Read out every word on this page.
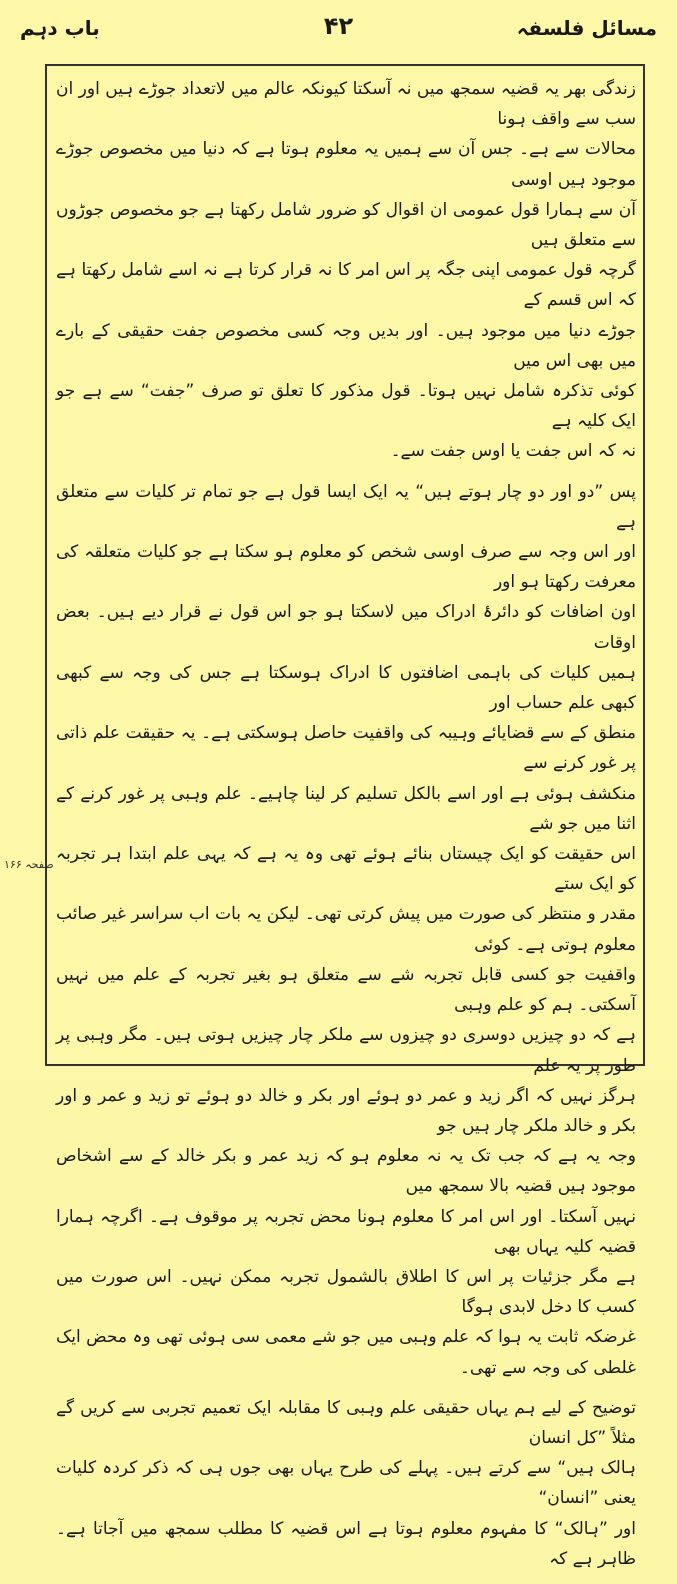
باب دہم	۴۲	مسائل فلسفہ

زندگی بھر یہ قضیہ سمجھ میں نہ آسکتا کیونکہ عالم میں لاتعداد جوڑے ہیں اور ان سب سے واقف ہونا
محالات سے ہے۔ جس آن سے ہمیں یہ معلوم ہوتا ہے کہ دنیا میں مخصوص جوڑے موجود ہیں اوسی
آن سے ہمارا قول عمومی ان اقوال کو ضرور شامل رکھتا ہے جو مخصوص جوڑوں سے متعلق ہیں
گرچہ قول عمومی اپنی جگہ پر اس امر کا نہ قرار کرتا ہے نہ اسے شامل رکھتا ہے کہ اس قسم کے
جوڑے دنیا میں موجود ہیں۔ اور بدیں وجہ کسی مخصوص جفت حقیقی کے بارے میں بھی اس میں
کوئی تذکرہ شامل نہیں ہوتا۔ قول مذکور کا تعلق تو صرف ”جفت“ سے ہے جو ایک کلیہ ہے
نہ کہ اس جفت یا اوس جفت سے۔

پس ”دو اور دو چار ہوتے ہیں“ یہ ایک ایسا قول ہے جو تمام تر کلیات سے متعلق ہے
اور اس وجہ سے صرف اوسی شخص کو معلوم ہو سکتا ہے جو کلیات متعلقہ کی معرفت رکھتا ہو اور
اون اضافات کو دائرۂ ادراک میں لاسکتا ہو جو اس قول نے قرار دیے ہیں۔ بعض اوقات
ہمیں کلیات کی باہمی اضافتوں کا ادراک ہوسکتا ہے جس کی وجہ سے کبھی کبھی علم حساب اور
منطق کے سے قضایائے وہیبہ کی واقفیت حاصل ہوسکتی ہے۔ یہ حقیقت علم ذاتی پر غور کرنے سے
منکشف ہوئی ہے اور اسے بالکل تسلیم کر لینا چاہیے۔ علم وہبی پر غور کرنے کے اثنا میں جو شے
اس حقیقت کو ایک چیستاں بنائے ہوئے تھی وہ یہ ہے کہ یہی علم ابتدا ہر تجربہ کو ایک ستے
مقدر و منتظر کی صورت میں پیش کرتی تھی۔ لیکن یہ بات اب سراسر غیر صائب معلوم ہوتی ہے۔ کوئی
واقفیت جو کسی قابل تجربہ شے سے متعلق ہو بغیر تجربہ کے علم میں نہیں آسکتی۔ ہم کو علم وہبی
ہے کہ دو چیزیں دوسری دو چیزوں سے ملکر چار چیزیں ہوتی ہیں۔ مگر وہبی پر طور پر یہ علم
ہرگز نہیں کہ اگر زید و عمر دو ہوئے اور بکر و خالد دو ہوئے تو زید و عمر و اور بکر و خالد ملکر چار ہیں جو
وجہ یہ ہے کہ جب تک یہ نہ معلوم ہو کہ زید عمر و بکر خالد کے سے اشخاص موجود ہیں قضیہ بالا سمجھ میں
نہیں آسکتا۔ اور اس امر کا معلوم ہونا محض تجربہ پر موقوف ہے۔ اگرچہ ہمارا قضیہ کلیہ یہاں بھی
ہے مگر جزئیات پر اس کا اطلاق بالشمول تجربہ ممکن نہیں۔ اس صورت میں کسب کا دخل لابدی ہوگا
غرضکہ ثابت یہ ہوا کہ علم وہبی میں جو شے معمی سی ہوئی تھی وہ محض ایک غلطی کی وجہ سے تھی۔

توضیح کے لیے ہم یہاں حقیقی علم وہبی کا مقابلہ ایک تعمیم تجربی سے کریں گے مثلاً ”کل انسان
ہالک ہیں“ سے کرتے ہیں۔ پہلے کی طرح یہاں بھی جوں ہی کہ ذکر کردہ کلیات یعنی ”انسان“
اور ”ہالک“ کا مفہوم معلوم ہوتا ہے اس قضیہ کا مطلب سمجھ میں آجاتا ہے۔ ظاہر ہے کہ

صفحہ ۱۶۶
